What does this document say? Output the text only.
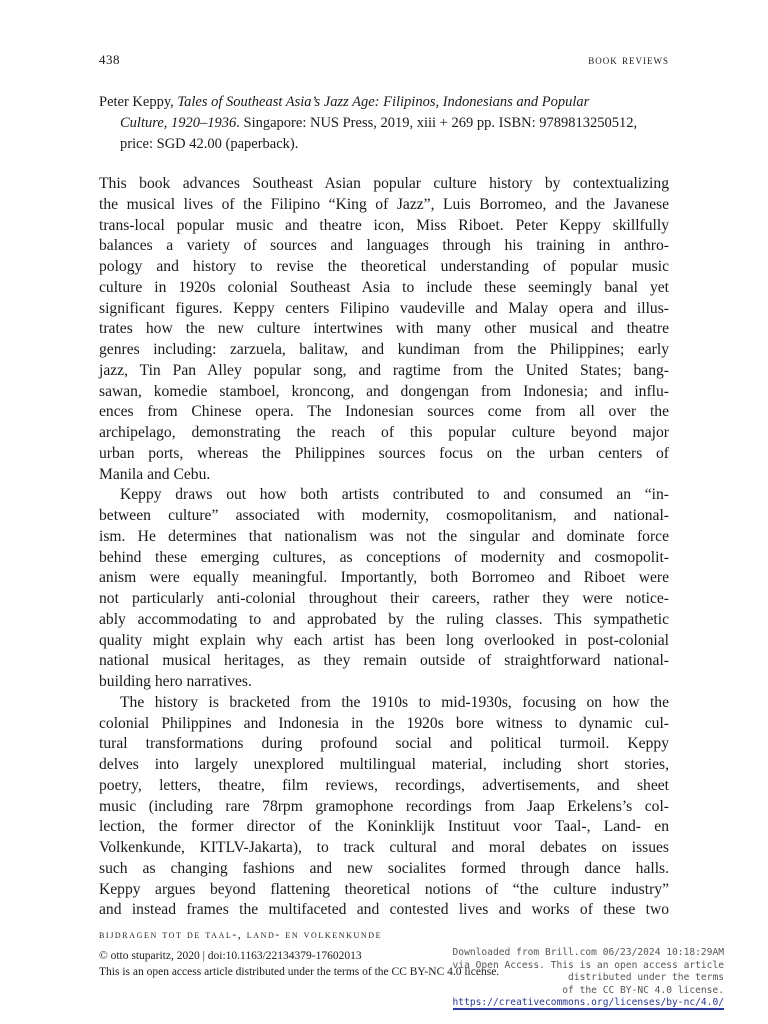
438	book reviews
Peter Keppy, Tales of Southeast Asia’s Jazz Age: Filipinos, Indonesians and Popular
Culture, 1920–1936. Singapore: NUS Press, 2019, xiii + 269 pp. ISBN: 9789813250512,
price: SGD 42.00 (paperback).
This book advances Southeast Asian popular culture history by contextualizing
the musical lives of the Filipino “King of Jazz”, Luis Borromeo, and the Javanese
trans-local popular music and theatre icon, Miss Riboet. Peter Keppy skillfully
balances a variety of sources and languages through his training in anthro-
pology and history to revise the theoretical understanding of popular music
culture in 1920s colonial Southeast Asia to include these seemingly banal yet
significant figures. Keppy centers Filipino vaudeville and Malay opera and illus-
trates how the new culture intertwines with many other musical and theatre
genres including: zarzuela, balitaw, and kundiman from the Philippines; early
jazz, Tin Pan Alley popular song, and ragtime from the United States; bang-
sawan, komedie stamboel, kroncong, and dongengan from Indonesia; and influ-
ences from Chinese opera. The Indonesian sources come from all over the
archipelago, demonstrating the reach of this popular culture beyond major
urban ports, whereas the Philippines sources focus on the urban centers of
Manila and Cebu.
Keppy draws out how both artists contributed to and consumed an “in-
between culture” associated with modernity, cosmopolitanism, and national-
ism. He determines that nationalism was not the singular and dominate force
behind these emerging cultures, as conceptions of modernity and cosmopolit-
anism were equally meaningful. Importantly, both Borromeo and Riboet were
not particularly anti-colonial throughout their careers, rather they were notice-
ably accommodating to and approbated by the ruling classes. This sympathetic
quality might explain why each artist has been long overlooked in post-colonial
national musical heritages, as they remain outside of straightforward national-
building hero narratives.
The history is bracketed from the 1910s to mid-1930s, focusing on how the
colonial Philippines and Indonesia in the 1920s bore witness to dynamic cul-
tural transformations during profound social and political turmoil. Keppy
delves into largely unexplored multilingual material, including short stories,
poetry, letters, theatre, film reviews, recordings, advertisements, and sheet
music (including rare 78rpm gramophone recordings from Jaap Erkelens’s col-
lection, the former director of the Koninklijk Instituut voor Taal-, Land- en
Volkenkunde, KITLV-Jakarta), to track cultural and moral debates on issues
such as changing fashions and new socialites formed through dance halls.
Keppy argues beyond flattening theoretical notions of “the culture industry”
and instead frames the multifaceted and contested lives and works of these two
bijdragen tot de taal-, land- en volkenkunde
© otto stuparitz, 2020 | doi:10.1163/22134379-17602013
This is an open access article distributed under the terms of the CC BY-NC 4.0 license.
Downloaded from Brill.com 06/23/2024 10:18:29AM
via Open Access. This is an open access article distributed under the terms
of the CC BY-NC 4.0 license.
https://creativecommons.org/licenses/by-nc/4.0/
